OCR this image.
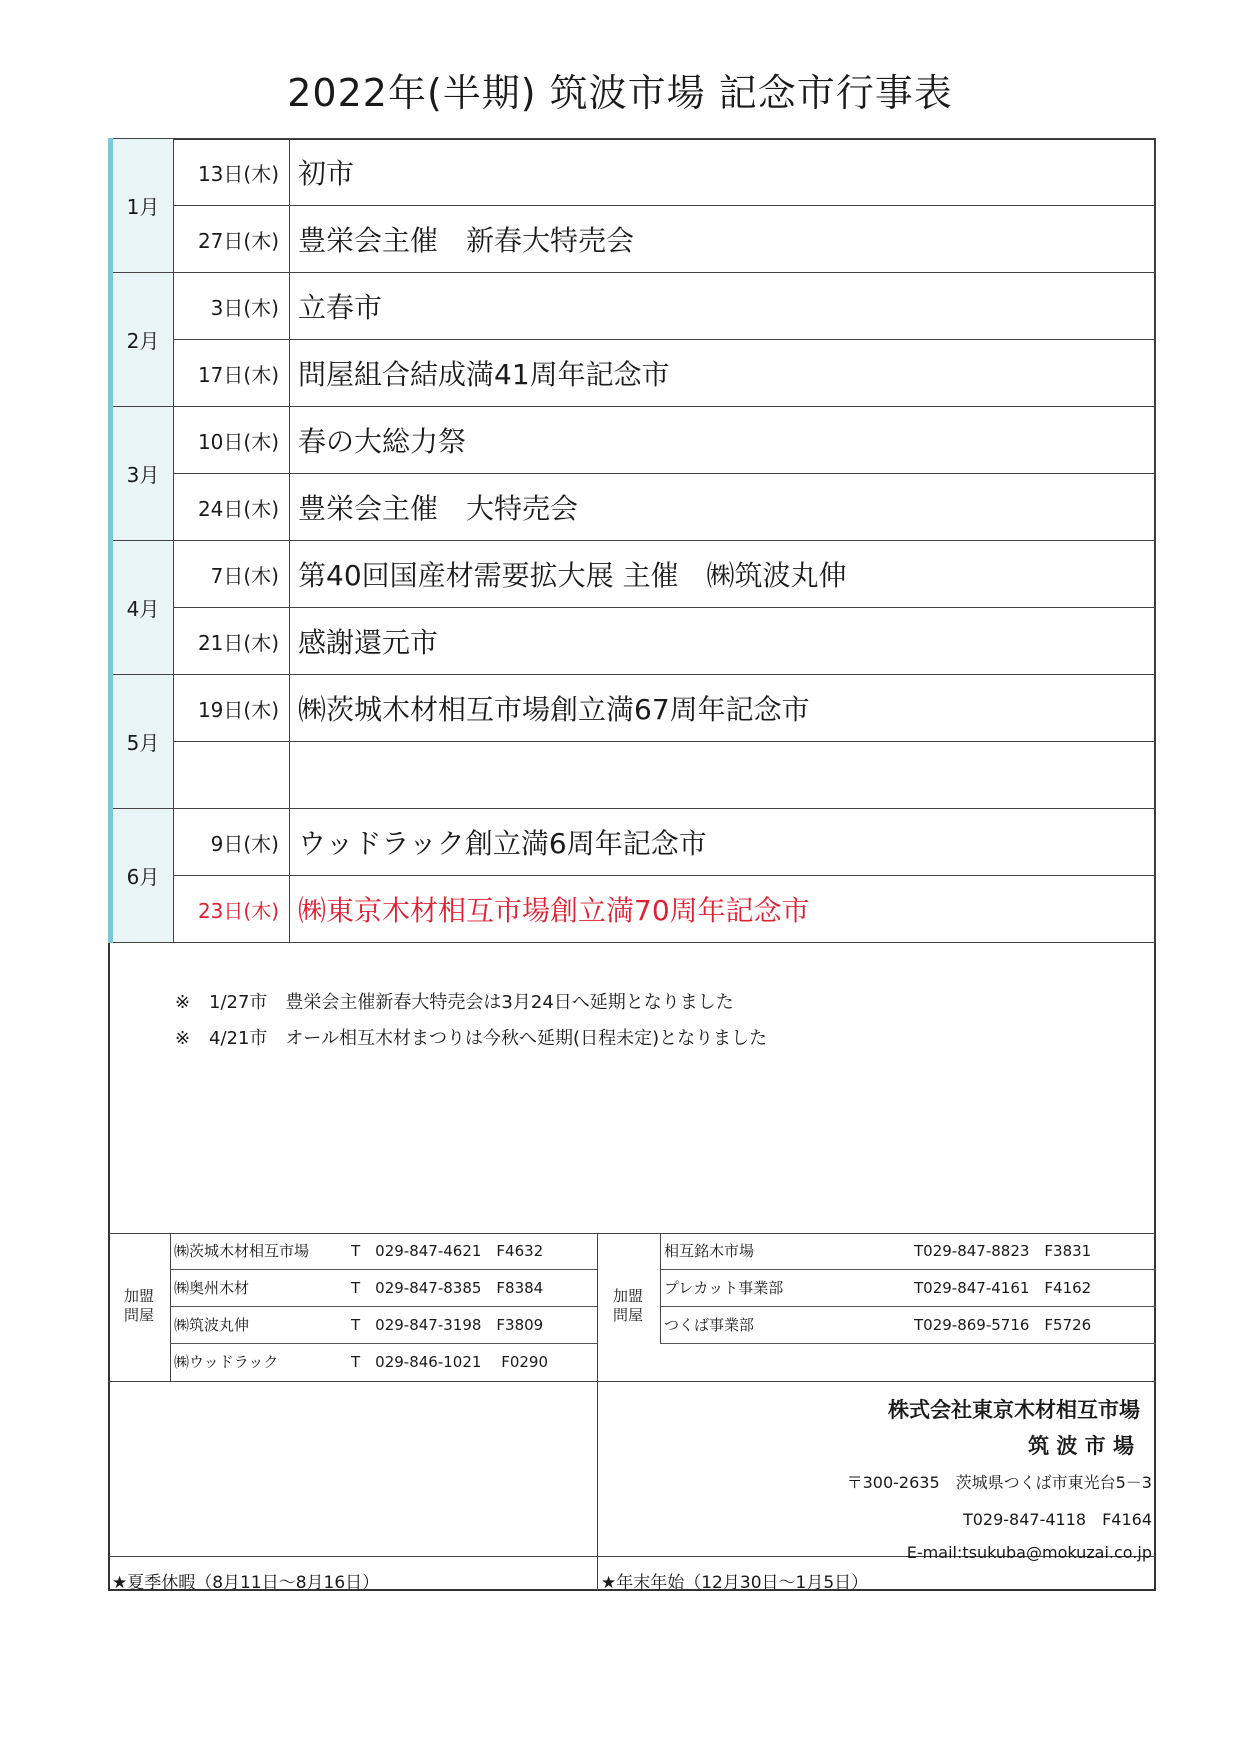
2022年(半期) 筑波市場 記念市行事表
1月	13日(木)	初市
	27日(木)	豊栄会主催　新春大特売会
2月	3日(木)	立春市
	17日(木)	問屋組合結成満41周年記念市
3月	10日(木)	春の大総力祭
	24日(木)	豊栄会主催　大特売会
4月	7日(木)	第40回国産材需要拡大展 主催　㈱筑波丸伸
	21日(木)	感謝還元市
5月	19日(木)	㈱茨城木材相互市場創立満67周年記念市

6月	9日(木)	ウッドラック創立満6周年記念市
	23日(木)	㈱東京木材相互市場創立満70周年記念市
※ 1/27市　豊栄会主催新春大特売会は3月24日へ延期となりました
※ 4/21市　オール相互木材まつりは今秋へ延期(日程未定)となりました
加盟
問屋
加盟
問屋
㈱茨城木材相互市場	T　029-847-4621　F4632
㈱奥州木材	T　029-847-8385　F8384
㈱筑波丸伸	T　029-847-3198　F3809
㈱ウッドラック	T　029-846-1021　 F0290
相互銘木市場	T029-847-8823　F3831
プレカット事業部	T029-847-4161　F4162
つくば事業部	T029-869-5716　F5726
株式会社東京木材相互市場
筑 波 市 場
〒300-2635　茨城県つくば市東光台5－3
T029-847-4118　F4164
E-mail:tsukuba@mokuzai.co.jp
★夏季休暇（8月11日～8月16日）	★年末年始（12月30日～1月5日）
